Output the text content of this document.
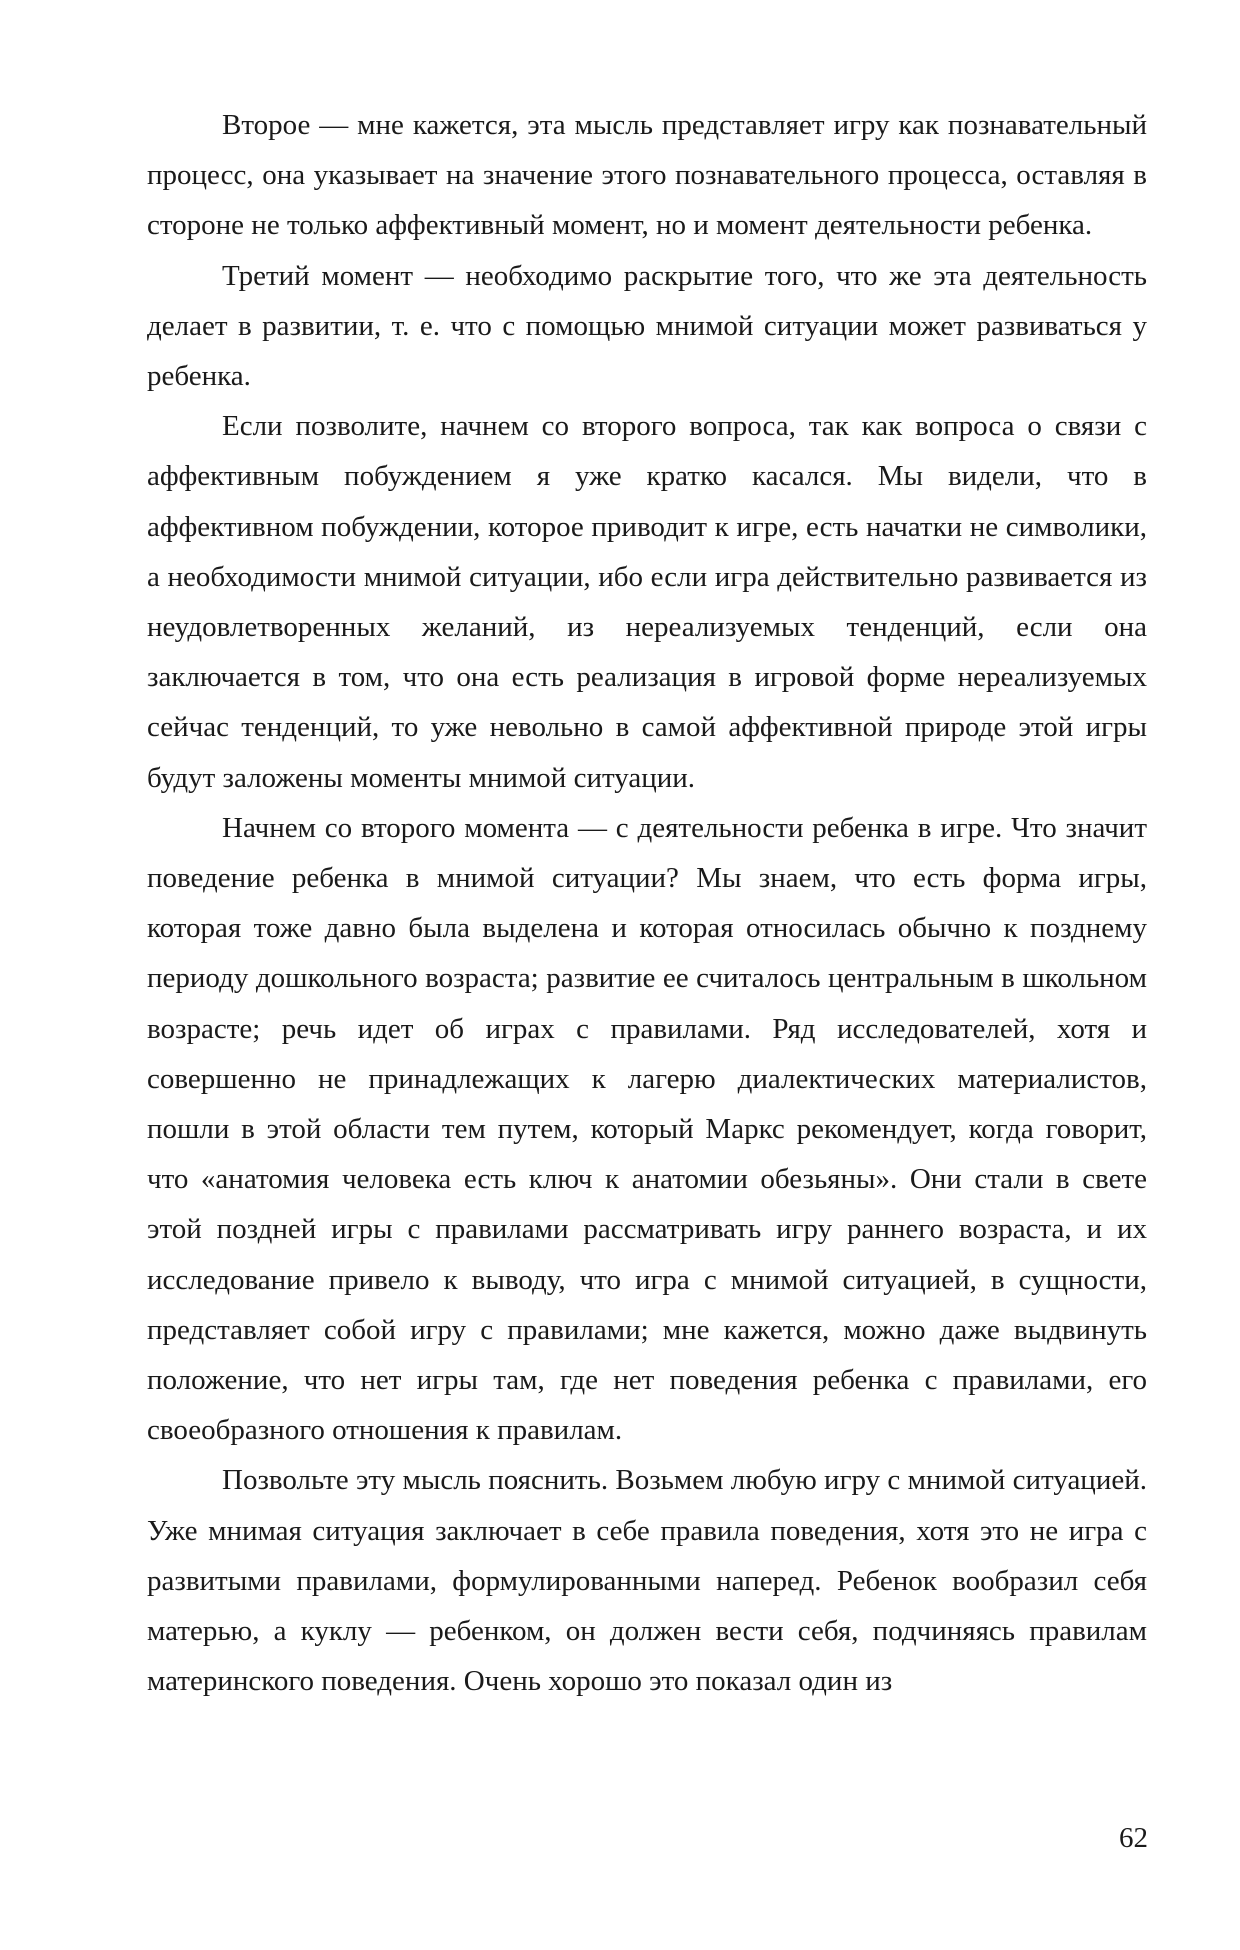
Второе — мне кажется, эта мысль представляет игру как познавательный процесс, она указывает на значение этого познавательного процесса, оставляя в стороне не только аффективный момент, но и момент деятельности ребенка.

Третий момент — необходимо раскрытие того, что же эта деятельность делает в развитии, т. е. что с помощью мнимой ситуации может развиваться у ребенка.

Если позволите, начнем со второго вопроса, так как вопроса о связи с аффективным побуждением я уже кратко касался. Мы видели, что в аффективном побуждении, которое приводит к игре, есть начатки не символики, а необходимости мнимой ситуации, ибо если игра действительно развивается из неудовлетворенных желаний, из нереализуемых тенденций, если она заключается в том, что она есть реализация в игровой форме нереализуемых сейчас тенденций, то уже невольно в самой аффективной природе этой игры будут заложены моменты мнимой ситуации.

Начнем со второго момента — с деятельности ребенка в игре. Что значит поведение ребенка в мнимой ситуации? Мы знаем, что есть форма игры, которая тоже давно была выделена и которая относилась обычно к позднему периоду дошкольного возраста; развитие ее считалось центральным в школьном возрасте; речь идет об играх с правилами. Ряд исследователей, хотя и совершенно не принадлежащих к лагерю диалектических материалистов, пошли в этой области тем путем, который Маркс рекомендует, когда говорит, что «анатомия человека есть ключ к анатомии обезьяны». Они стали в свете этой поздней игры с правилами рассматривать игру раннего возраста, и их исследование привело к выводу, что игра с мнимой ситуацией, в сущности, представляет собой игру с правилами; мне кажется, можно даже выдвинуть положение, что нет игры там, где нет поведения ребенка с правилами, его своеобразного отношения к правилам.

Позвольте эту мысль пояснить. Возьмем любую игру с мнимой ситуацией. Уже мнимая ситуация заключает в себе правила поведения, хотя это не игра с развитыми правилами, формулированными наперед. Ребенок вообразил себя матерью, а куклу — ребенком, он должен вести себя, подчиняясь правилам материнского поведения. Очень хорошо это показал один из

62
